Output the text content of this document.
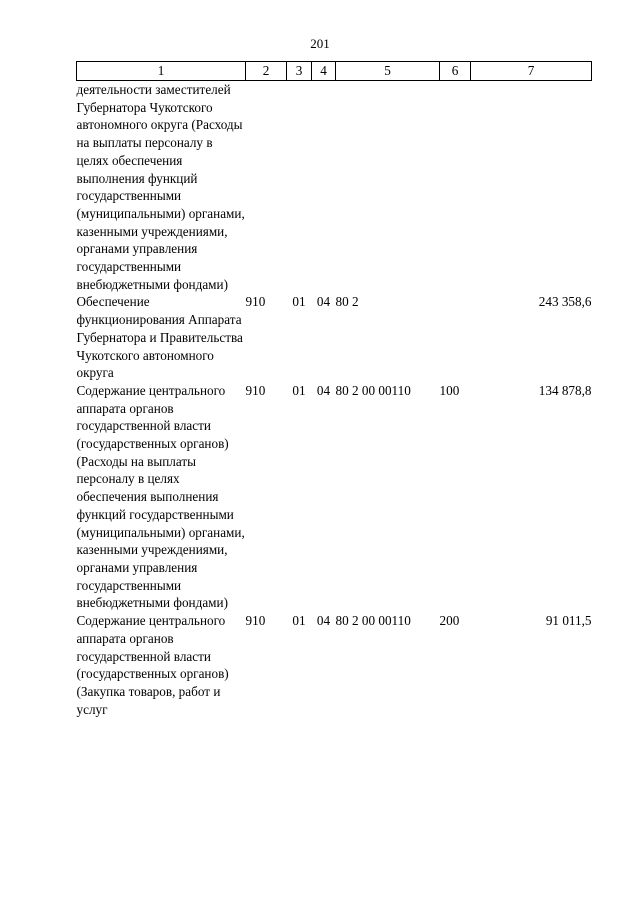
201
1	2	3	4	5	6	7
деятельности заместителей Губернатора Чукотского автономного округа (Расходы на выплаты персоналу в целях обеспечения выполнения функций государственными (муниципальными) органами, казенными учреждениями, органами управления государственными внебюджетными фондами)						
Обеспечение функционирования Аппарата Губернатора и Правительства Чукотского автономного округа	910	01	04	80 2		243 358,6
Содержание центрального аппарата органов государственной власти (государственных органов) (Расходы на выплаты персоналу в целях обеспечения выполнения функций государственными (муниципальными) органами, казенными учреждениями, органами управления государственными внебюджетными фондами)	910	01	04	80 2 00 00110	100	134 878,8
Содержание центрального аппарата органов государственной власти (государственных органов) (Закупка товаров, работ и услуг	910	01	04	80 2 00 00110	200	91 011,5
